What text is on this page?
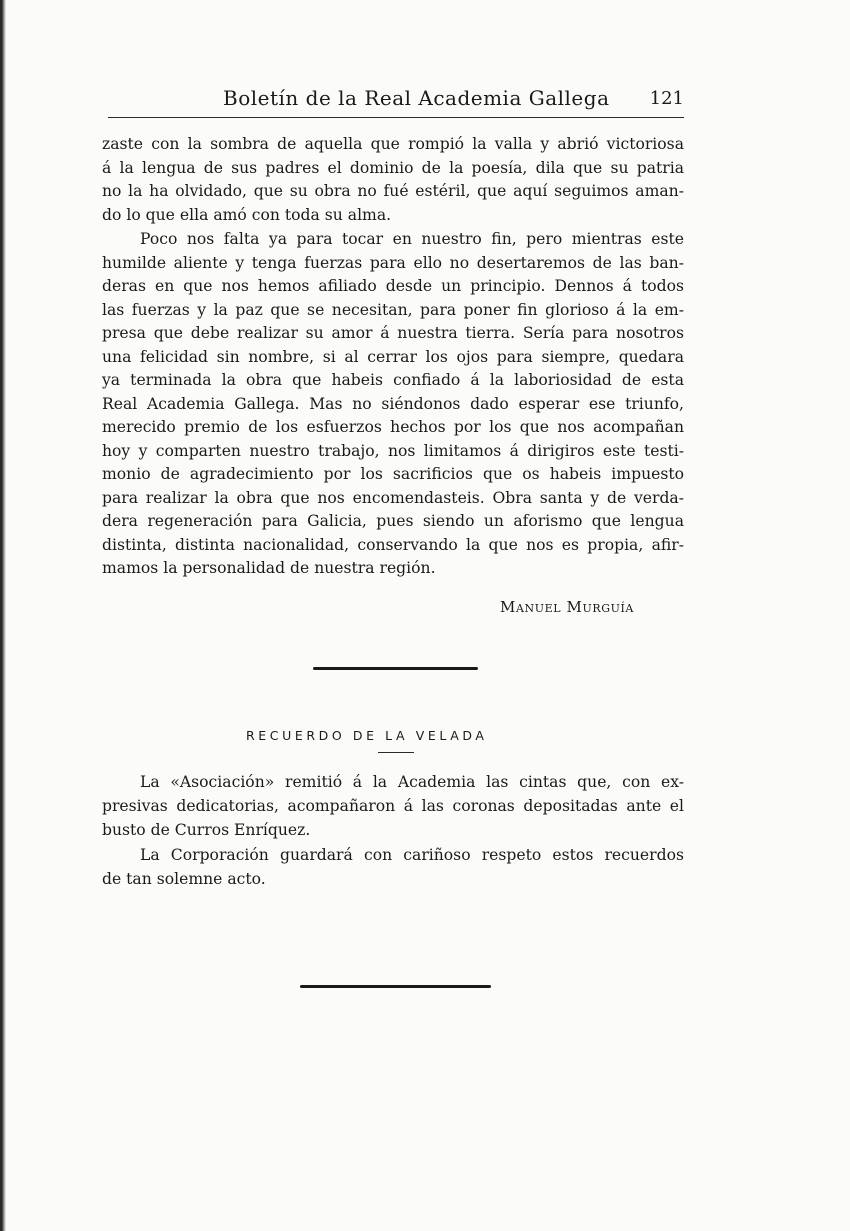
Boletín de la Real Academia Gallega 121

zaste con la sombra de aquella que rompió la valla y abrió victoriosa

á la lengua de sus padres el dominio de la poesía, dila que su patria

no la ha olvidado, que su obra no fué estéril, que aquí seguimos aman-

do lo que ella amó con toda su alma.

Poco nos falta ya para tocar en nuestro fin, pero mientras este

humilde aliente y tenga fuerzas para ello no desertaremos de las ban-

deras en que nos hemos afiliado desde un principio. Dennos á todos

las fuerzas y la paz que se necesitan, para poner fin glorioso á la em-

presa que debe realizar su amor á nuestra tierra. Sería para nosotros

una felicidad sin nombre, si al cerrar los ojos para siempre, quedara

ya terminada la obra que habeis confiado á la laboriosidad de esta

Real Academia Gallega. Mas no siéndonos dado esperar ese triunfo,

merecido premio de los esfuerzos hechos por los que nos acompañan

hoy y comparten nuestro trabajo, nos limitamos á dirigiros este testi-

monio de agradecimiento por los sacrificios que os habeis impuesto

para realizar la obra que nos encomendasteis. Obra santa y de verda-

dera regeneración para Galicia, pues siendo un aforismo que lengua

distinta, distinta nacionalidad, conservando la que nos es propia, afir-

mamos la personalidad de nuestra región.

Manuel Murguía
RECUERDO DE LA VELADA

La «Asociación» remitió á la Academia las cintas que, con ex-

presivas dedicatorias, acompañaron á las coronas depositadas ante el

busto de Curros Enríquez.

La Corporación guardará con cariñoso respeto estos recuerdos

de tan solemne acto.
